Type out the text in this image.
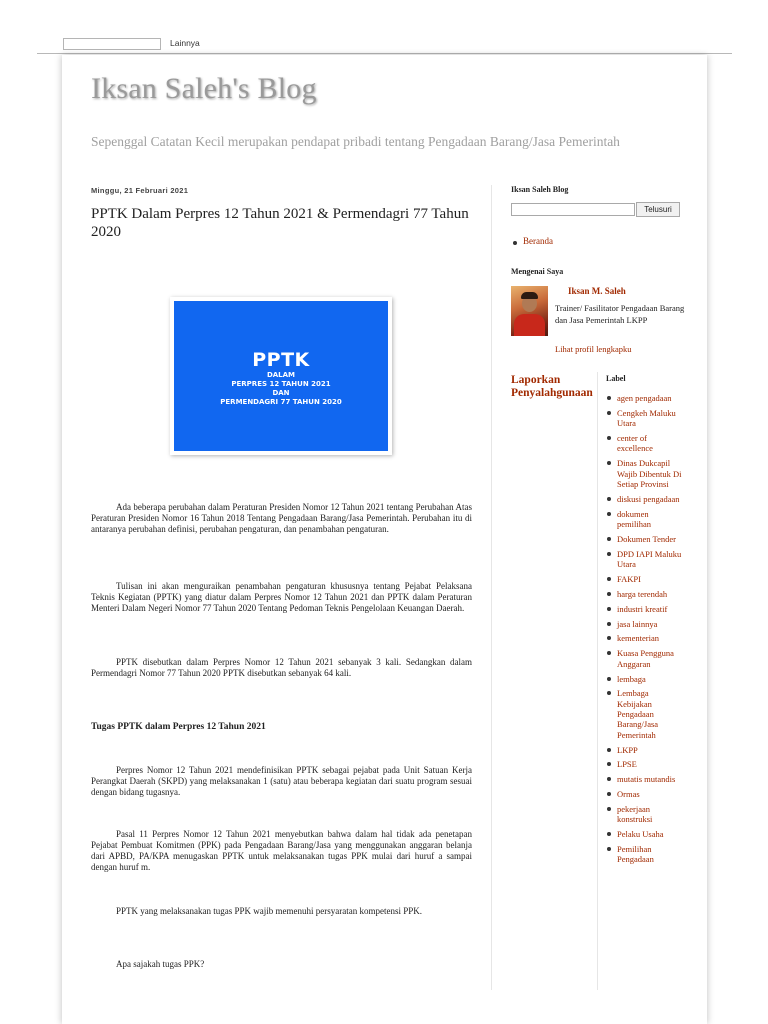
Lainnya
Iksan Saleh's Blog
Sepenggal Catatan Kecil merupakan pendapat pribadi tentang Pengadaan Barang/Jasa Pemerintah
Minggu, 21 Februari 2021
PPTK Dalam Perpres 12 Tahun 2021 & Permendagri 77 Tahun 2020
PPTK
DALAM
PERPRES 12 TAHUN 2021
DAN
PERMENDAGRI 77 TAHUN 2020

Ada beberapa perubahan dalam Peraturan Presiden Nomor 12 Tahun 2021 tentang Perubahan Atas Peraturan Presiden Nomor 16 Tahun 2018 Tentang Pengadaan Barang/Jasa Pemerintah. Perubahan itu di antaranya perubahan definisi, perubahan pengaturan, dan penambahan pengaturan.

Tulisan ini akan menguraikan penambahan pengaturan khususnya tentang Pejabat Pelaksana Teknis Kegiatan (PPTK) yang diatur dalam Perpres Nomor 12 Tahun 2021 dan PPTK dalam Peraturan Menteri Dalam Negeri Nomor 77 Tahun 2020 Tentang Pedoman Teknis Pengelolaan Keuangan Daerah.

PPTK disebutkan dalam Perpres Nomor 12 Tahun 2021 sebanyak 3 kali. Sedangkan dalam Permendagri Nomor 77 Tahun 2020 PPTK disebutkan sebanyak 64 kali.

Tugas PPTK dalam Perpres 12 Tahun 2021

Perpres Nomor 12 Tahun 2021 mendefinisikan PPTK sebagai pejabat pada Unit Satuan Kerja Perangkat Daerah (SKPD) yang melaksanakan 1 (satu) atau beberapa kegiatan dari suatu program sesuai dengan bidang tugasnya.

Pasal 11 Perpres Nomor 12 Tahun 2021 menyebutkan bahwa dalam hal tidak ada penetapan Pejabat Pembuat Komitmen (PPK) pada Pengadaan Barang/Jasa yang menggunakan anggaran belanja dari APBD, PA/KPA menugaskan PPTK untuk melaksanakan tugas PPK mulai dari huruf a sampai dengan huruf m.

PPTK yang melaksanakan tugas PPK wajib memenuhi persyaratan kompetensi PPK.

Apa sajakah tugas PPK?

Iksan Saleh Blog
Telusuri
Beranda
Mengenai Saya
Iksan M. Saleh
Trainer/ Fasilitator Pengadaan Barang dan Jasa Pemerintah LKPP
Lihat profil lengkapku
Laporkan Penyalahgunaan
Label
agen pengadaan
Cengkeh Maluku Utara
center of excellence
Dinas Dukcapil Wajib Dibentuk Di Setiap Provinsi
diskusi pengadaan
dokumen pemilihan
Dokumen Tender
DPD IAPI Maluku Utara
FAKPI
harga terendah
industri kreatif
jasa lainnya
kementerian
Kuasa Pengguna Anggaran
lembaga
Lembaga Kebijakan Pengadaan Barang/Jasa Pemerintah
LKPP
LPSE
mutatis mutandis
Ormas
pekerjaan konstruksi
Pelaku Usaha
Pemilihan Pengadaan
